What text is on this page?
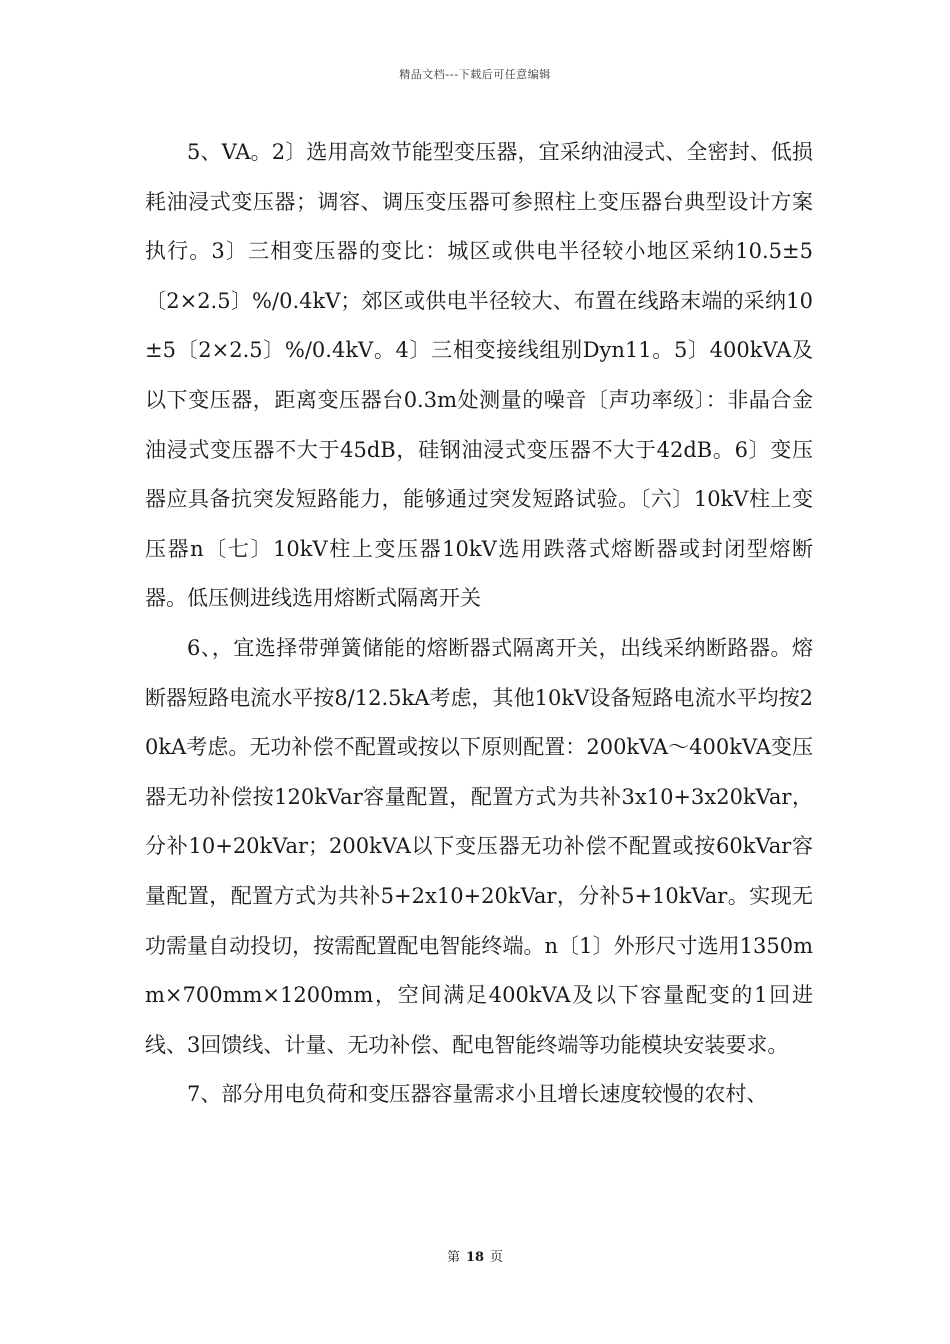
精品文档---下载后可任意编辑

5、VA。2〕选用高效节能型变压器，宜采纳油浸式、全密封、低损耗油浸式变压器；调容、调压变压器可参照柱上变压器台典型设计方案执行。3〕三相变压器的变比：城区或供电半径较小地区采纳10.5±5〔2×2.5〕%/0.4kV；郊区或供电半径较大、布置在线路末端的采纳10±5〔2×2.5〕%/0.4kV。4〕三相变接线组别Dyn11。5〕400kVA及以下变压器，距离变压器台0.3m处测量的噪音〔声功率级〕：非晶合金油浸式变压器不大于45dB，硅钢油浸式变压器不大于42dB。6〕变压器应具备抗突发短路能力，能够通过突发短路试验。〔六〕10kV柱上变压器n〔七〕10kV柱上变压器10kV选用跌落式熔断器或封闭型熔断器。低压侧进线选用熔断式隔离开关

6、，宜选择带弹簧储能的熔断器式隔离开关，出线采纳断路器。熔断器短路电流水平按8/12.5kA考虑，其他10kV设备短路电流水平均按20kA考虑。无功补偿不配置或按以下原则配置：200kVA～400kVA变压器无功补偿按120kVar容量配置，配置方式为共补3x10+3x20kVar，分补10+20kVar；200kVA以下变压器无功补偿不配置或按60kVar容量配置，配置方式为共补5+2x10+20kVar，分补5+10kVar。实现无功需量自动投切，按需配置配电智能终端。n〔1〕外形尺寸选用1350mm×700mm×1200mm，空间满足400kVA及以下容量配变的1回进线、3回馈线、计量、无功补偿、配电智能终端等功能模块安装要求。

7、部分用电负荷和变压器容量需求小且增长速度较慢的农村、

第 18 页
